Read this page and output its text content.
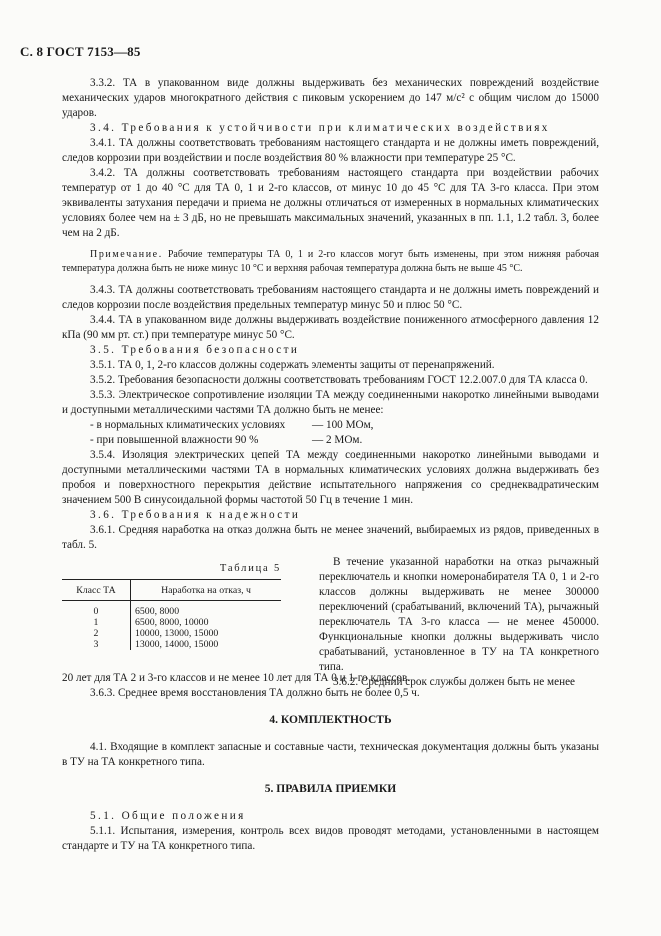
С. 8 ГОСТ 7153—85

3.3.2. ТА в упакованном виде должны выдерживать без механических повреждений воздействие механических ударов многократного действия с пиковым ускорением до 147 м/с² с общим числом до 15000 ударов.

3.4. Требования к устойчивости при климатических воздействиях

3.4.1. ТА должны соответствовать требованиям настоящего стандарта и не должны иметь повреждений, следов коррозии при воздействии и после воздействия 80 % влажности при температуре 25 °С.

3.4.2. ТА должны соответствовать требованиям настоящего стандарта при воздействии рабочих температур от 1 до 40 °С для ТА 0, 1 и 2-го классов, от минус 10 до 45 °С для ТА 3-го класса. При этом эквиваленты затухания передачи и приема не должны отличаться от измеренных в нормальных климатических условиях более чем на ± 3 дБ, но не превышать максимальных значений, указанных в пп. 1.1, 1.2 табл. 3, более чем на 2 дБ.

Примечание. Рабочие температуры ТА 0, 1 и 2-го классов могут быть изменены, при этом нижняя рабочая температура должна быть не ниже минус 10 °С и верхняя рабочая температура должна быть не выше 45 °С.

3.4.3. ТА должны соответствовать требованиям настоящего стандарта и не должны иметь повреждений и следов коррозии после воздействия предельных температур минус 50 и плюс 50 °С.

3.4.4. ТА в упакованном виде должны выдерживать воздействие пониженного атмосферного давления 12 кПа (90 мм рт. ст.) при температуре минус 50 °С.

3.5. Требования безопасности

3.5.1. ТА 0, 1, 2-го классов должны содержать элементы защиты от перенапряжений.

3.5.2. Требования безопасности должны соответствовать требованиям ГОСТ 12.2.007.0 для ТА класса 0.

3.5.3. Электрическое сопротивление изоляции ТА между соединенными накоротко линейными выводами и доступными металлическими частями ТА должно быть не менее:

- в нормальных климатических условиях — 100 МОм,
- при повышенной влажности 90 %	— 2 МОм.

3.5.4. Изоляция электрических цепей ТА между соединенными накоротко линейными выводами и доступными металлическими частями ТА в нормальных климатических условиях должна выдерживать без пробоя и поверхностного перекрытия действие испытательного напряжения со среднеквадратическим значением 500 В синусоидальной формы частотой 50 Гц в течение 1 мин.

3.6. Требования к надежности

3.6.1. Средняя наработка на отказ должна быть не менее значений, выбираемых из рядов, приведенных в табл. 5.

Таблица 5
Класс ТА	Наработка на отказ, ч
0	6500, 8000
1	6500, 8000, 10000
2	10000, 13000, 15000
3	13000, 14000, 15000

В течение указанной наработки на отказ рычажный переключатель и кнопки номеронабирателя ТА 0, 1 и 2-го классов должны выдерживать не менее 300000 переключений (срабатываний, включений ТА), рычажный переключатель ТА 3-го класса — не менее 450000. Функциональные кнопки должны выдерживать число срабатываний, установленное в ТУ на ТА конкретного типа.

3.6.2. Средний срок службы должен быть не менее

20 лет для ТА 2 и 3-го классов и не менее 10 лет для ТА 0 и 1-го классов.

3.6.3. Среднее время восстановления ТА должно быть не более 0,5 ч.

4. КОМПЛЕКТНОСТЬ

4.1. Входящие в комплект запасные и составные части, техническая документация должны быть указаны в ТУ на ТА конкретного типа.

5. ПРАВИЛА ПРИЕМКИ

5.1. Общие положения

5.1.1. Испытания, измерения, контроль всех видов проводят методами, установленными в настоящем стандарте и ТУ на ТА конкретного типа.
